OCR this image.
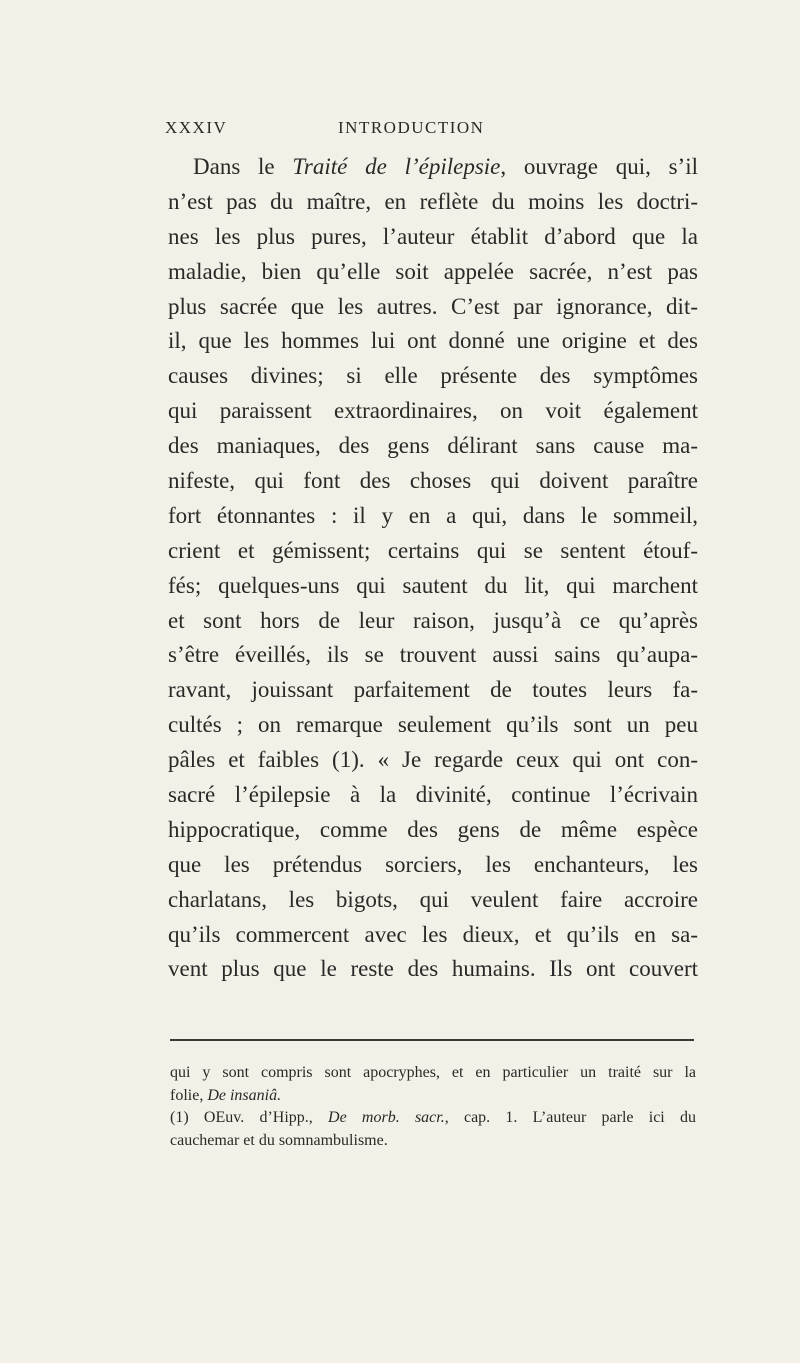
XXXIV	INTRODUCTION
Dans le Traité de l’épilepsie, ouvrage qui, s’il
n’est pas du maître, en reflète du moins les doctri-
nes les plus pures, l’auteur établit d’abord que la
maladie, bien qu’elle soit appelée sacrée, n’est pas
plus sacrée que les autres. C’est par ignorance, dit-
il, que les hommes lui ont donné une origine et des
causes divines; si elle présente des symptômes
qui paraissent extraordinaires, on voit également
des maniaques, des gens délirant sans cause ma-
nifeste, qui font des choses qui doivent paraître
fort étonnantes : il y en a qui, dans le sommeil,
crient et gémissent; certains qui se sentent étouf-
fés; quelques-uns qui sautent du lit, qui marchent
et sont hors de leur raison, jusqu’à ce qu’après
s’être éveillés, ils se trouvent aussi sains qu’aupa-
ravant, jouissant parfaitement de toutes leurs fa-
cultés ; on remarque seulement qu’ils sont un peu
pâles et faibles (1). « Je regarde ceux qui ont con-
sacré l’épilepsie à la divinité, continue l’écrivain
hippocratique, comme des gens de même espèce
que les prétendus sorciers, les enchanteurs, les
charlatans, les bigots, qui veulent faire accroire
qu’ils commercent avec les dieux, et qu’ils en sa-
vent plus que le reste des humains. Ils ont couvert
qui y sont compris sont apocryphes, et en particulier un traité sur la
folie, De insaniâ.
(1) OEuv. d’Hipp., De morb. sacr., cap. 1. L’auteur parle ici du
cauchemar et du somnambulisme.
